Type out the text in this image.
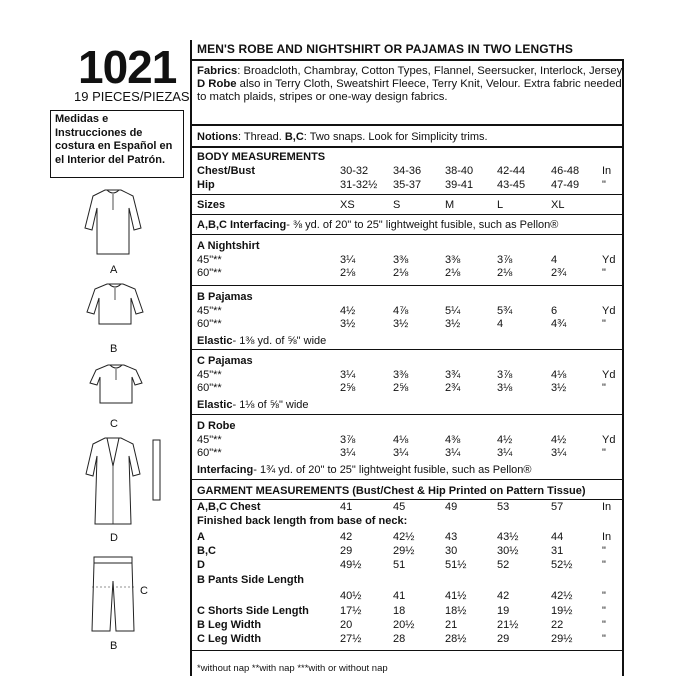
1021
19 PIECES/PIEZAS
Medidas e Instrucciones de costura en Español en el Interior del Patrón.
A
B
C
D
C
B
MEN'S ROBE AND NIGHTSHIRT OR PAJAMAS IN TWO LENGTHS
Fabrics: Broadcloth, Chambray, Cotton Types, Flannel, Seersucker, Interlock, Jersey.
D Robe also in Terry Cloth, Sweatshirt Fleece, Terry Knit, Velour. Extra fabric needed to match plaids, stripes or one-way design fabrics.
Notions: Thread. B,C: Two snaps. Look for Simplicity trims.
BODY MEASUREMENTS
*without nap **with nap ***with or without nap
Chest/Bust	30-32	34-36	38-40	42-44	46-48	In
Hip	31-32½	35-37	39-41	43-45	47-49	"
Sizes	XS	S	M	L	XL
A,B,C Interfacing- ⅜ yd. of 20" to 25" lightweight fusible, such as Pellon®
A Nightshirt
45"**	3¼	3⅜	3⅜	3⅞	4	Yd
60"**	2⅛	2⅛	2⅛	2⅛	2¾	"
B Pajamas
45"**	4½	4⅞	5¼	5¾	6	Yd
60"**	3½	3½	3½	4	4¾	"
Elastic- 1⅜ yd. of ⅝" wide
C Pajamas
45"**	3¼	3⅜	3¾	3⅞	4⅛	Yd
60"**	2⅝	2⅝	2¾	3⅛	3½	"
Elastic- 1⅛ of ⅝" wide
D Robe
45"**	3⅞	4⅛	4⅜	4½	4½	Yd
60"**	3¼	3¼	3¼	3¼	3¼	"
Interfacing- 1¾ yd. of 20" to 25" lightweight fusible, such as Pellon®
GARMENT MEASUREMENTS (Bust/Chest & Hip Printed on Pattern Tissue)
A,B,C Chest	41	45	49	53	57	In
Finished back length from base of neck:
A	42	42½	43	43½	44	In
B,C	29	29½	30	30½	31	"
D	49½	51	51½	52	52½	"
B Pants Side Length
40½	41	41½	42	42½	"
C Shorts Side Length	17½	18	18½	19	19½	"
B Leg Width	20	20½	21	21½	22	"
C Leg Width	27½	28	28½	29	29½	"
